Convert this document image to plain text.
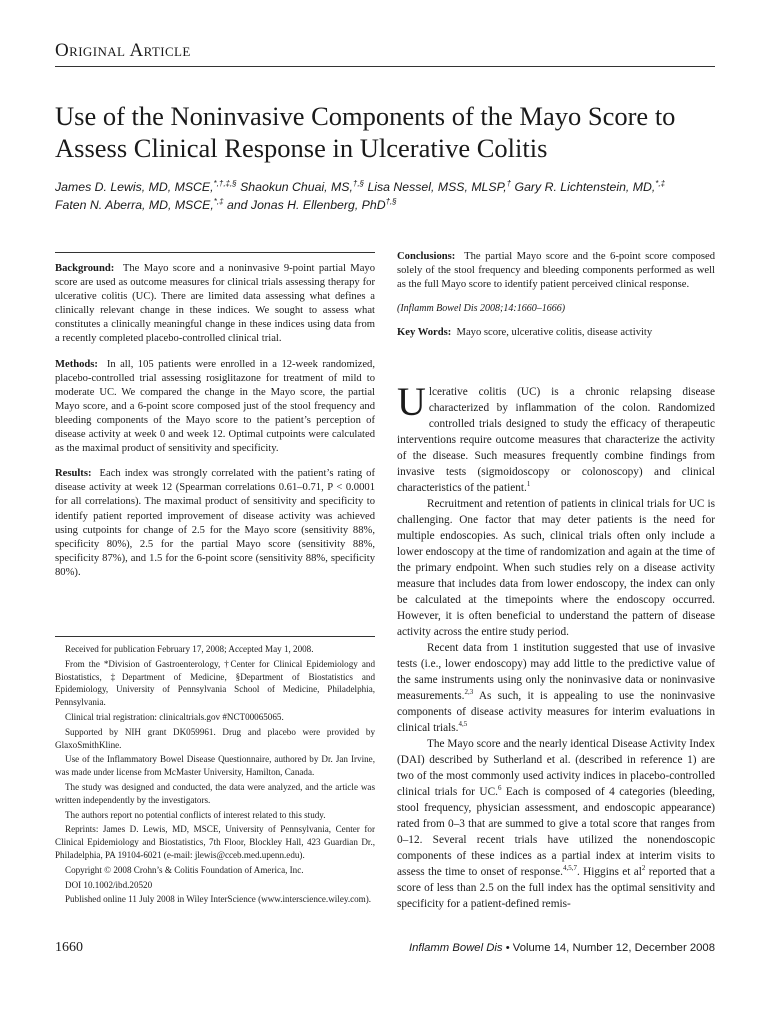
Original Article
Use of the Noninvasive Components of the Mayo Score to Assess Clinical Response in Ulcerative Colitis
James D. Lewis, MD, MSCE,*,†,‡,§ Shaokun Chuai, MS,†,§ Lisa Nessel, MSS, MLSP,† Gary R. Lichtenstein, MD,*,‡
Faten N. Aberra, MD, MSCE,*,‡ and Jonas H. Ellenberg, PhD†,§

Background: The Mayo score and a noninvasive 9-point partial Mayo score are used as outcome measures for clinical trials assessing therapy for ulcerative colitis (UC). There are limited data assessing what defines a clinically relevant change in these indices. We sought to assess what constitutes a clinically meaningful change in these indices using data from a recently completed placebo-controlled clinical trial.

Methods: In all, 105 patients were enrolled in a 12-week randomized, placebo-controlled trial assessing rosiglitazone for treatment of mild to moderate UC. We compared the change in the Mayo score, the partial Mayo score, and a 6-point score composed just of the stool frequency and bleeding components of the Mayo score to the patient’s perception of disease activity at week 0 and week 12. Optimal cutpoints were calculated as the maximal product of sensitivity and specificity.

Results: Each index was strongly correlated with the patient’s rating of disease activity at week 12 (Spearman correlations 0.61–0.71, P < 0.0001 for all correlations). The maximal product of sensitivity and specificity to identify patient reported improvement of disease activity was achieved using cutpoints for change of 2.5 for the Mayo score (sensitivity 88%, specificity 80%), 2.5 for the partial Mayo score (sensitivity 88%, specificity 87%), and 1.5 for the 6-point score (sensitivity 88%, specificity 80%).

Conclusions: The partial Mayo score and the 6-point score composed solely of the stool frequency and bleeding components performed as well as the full Mayo score to identify patient perceived clinical response.

(Inflamm Bowel Dis 2008;14:1660–1666)

Key Words: Mayo score, ulcerative colitis, disease activity

Received for publication February 17, 2008; Accepted May 1, 2008.

From the *Division of Gastroenterology, †Center for Clinical Epidemiology and Biostatistics, ‡Department of Medicine, §Department of Biostatistics and Epidemiology, University of Pennsylvania School of Medicine, Philadelphia, Pennsylvania.

Clinical trial registration: clinicaltrials.gov #NCT00065065.

Supported by NIH grant DK059961. Drug and placebo were provided by GlaxoSmithKline.

Use of the Inflammatory Bowel Disease Questionnaire, authored by Dr. Jan Irvine, was made under license from McMaster University, Hamilton, Canada.

The study was designed and conducted, the data were analyzed, and the article was written independently by the investigators.

The authors report no potential conflicts of interest related to this study.

Reprints: James D. Lewis, MD, MSCE, University of Pennsylvania, Center for Clinical Epidemiology and Biostatistics, 7th Floor, Blockley Hall, 423 Guardian Dr., Philadelphia, PA 19104-6021 (e-mail: jlewis@cceb.med.upenn.edu).

Copyright © 2008 Crohn’s & Colitis Foundation of America, Inc.

DOI 10.1002/ibd.20520

Published online 11 July 2008 in Wiley InterScience (www.interscience.wiley.com).

Ulcerative colitis (UC) is a chronic relapsing disease characterized by inflammation of the colon. Randomized controlled trials designed to study the efficacy of therapeutic interventions require outcome measures that characterize the activity of the disease. Such measures frequently combine findings from invasive tests (sigmoidoscopy or colonoscopy) and clinical characteristics of the patient.$^1$

Recruitment and retention of patients in clinical trials for UC is challenging. One factor that may deter patients is the need for multiple endoscopies. As such, clinical trials often only include a lower endoscopy at the time of randomization and again at the time of the primary endpoint. When such studies rely on a disease activity measure that includes data from lower endoscopy, the index can only be calculated at the timepoints where the endoscopy occurred. However, it is often beneficial to understand the pattern of disease activity across the entire study period.

Recent data from 1 institution suggested that use of invasive tests (i.e., lower endoscopy) may add little to the predictive value of the same instruments using only the noninvasive data or noninvasive measurements.$^{2,3}$ As such, it is appealing to use the noninvasive components of disease activity measures for interim evaluations in clinical trials.$^{4,5}$

The Mayo score and the nearly identical Disease Activity Index (DAI) described by Sutherland et al. (described in reference 1) are two of the most commonly used activity indices in placebo-controlled clinical trials for UC.$^6$ Each is composed of 4 categories (bleeding, stool frequency, physician assessment, and endoscopic appearance) rated from 0–3 that are summed to give a total score that ranges from 0–12. Several recent trials have utilized the nonendoscopic components of these indices as a partial index at interim visits to assess the time to onset of response.$^{4,5,7}$. Higgins et $al^2$ reported that a score of less than 2.5 on the full index has the optimal sensitivity and specificity for a patient-defined remis-

1660	Inflamm Bowel Dis • Volume 14, Number 12, December 2008
